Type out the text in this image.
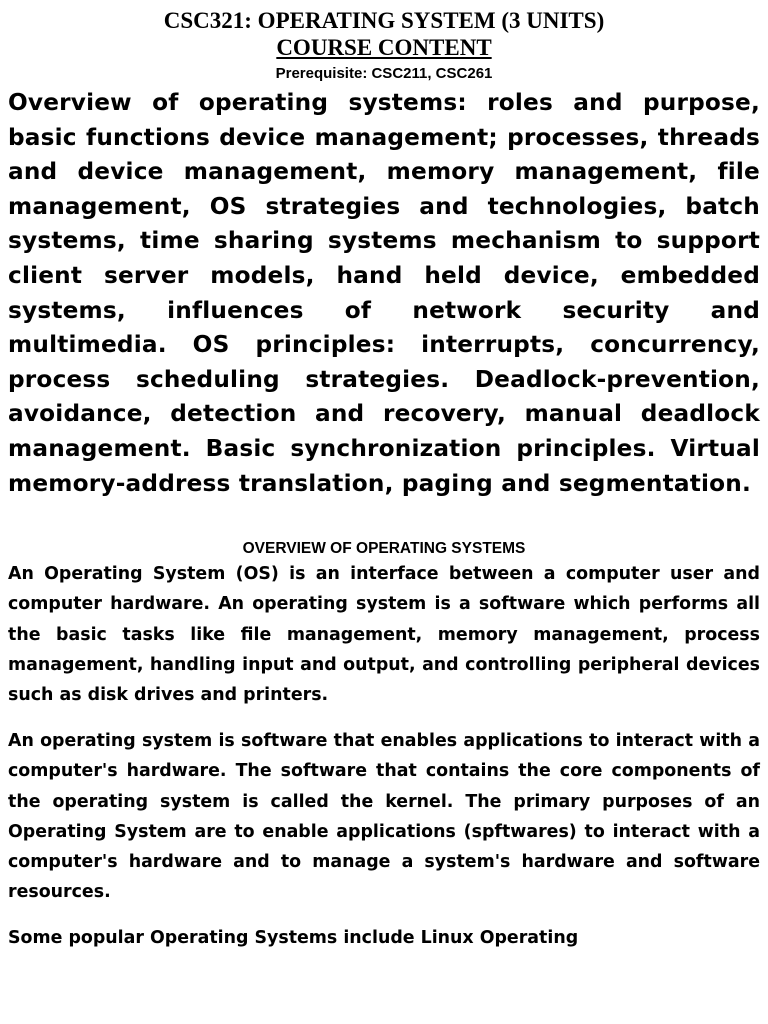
CSC321: OPERATING SYSTEM (3 UNITS)
COURSE CONTENT
Prerequisite: CSC211, CSC261

Overview of operating systems: roles and purpose, basic functions device management; processes, threads and device management, memory management, file management, OS strategies and technologies, batch systems, time sharing systems mechanism to support client server models, hand held device, embedded systems, influences of network security and multimedia. OS principles: interrupts, concurrency, process scheduling strategies. Deadlock-prevention, avoidance, detection and recovery, manual deadlock management. Basic synchronization principles. Virtual memory-address translation, paging and segmentation.

OVERVIEW OF OPERATING SYSTEMS

An Operating System (OS) is an interface between a computer user and computer hardware. An operating system is a software which performs all the basic tasks like file management, memory management, process management, handling input and output, and controlling peripheral devices such as disk drives and printers.

An operating system is software that enables applications to interact with a computer's hardware. The software that contains the core components of the operating system is called the kernel. The primary purposes of an Operating System are to enable applications (spftwares) to interact with a computer's hardware and to manage a system's hardware and software resources.

Some popular Operating Systems include Linux Operating
